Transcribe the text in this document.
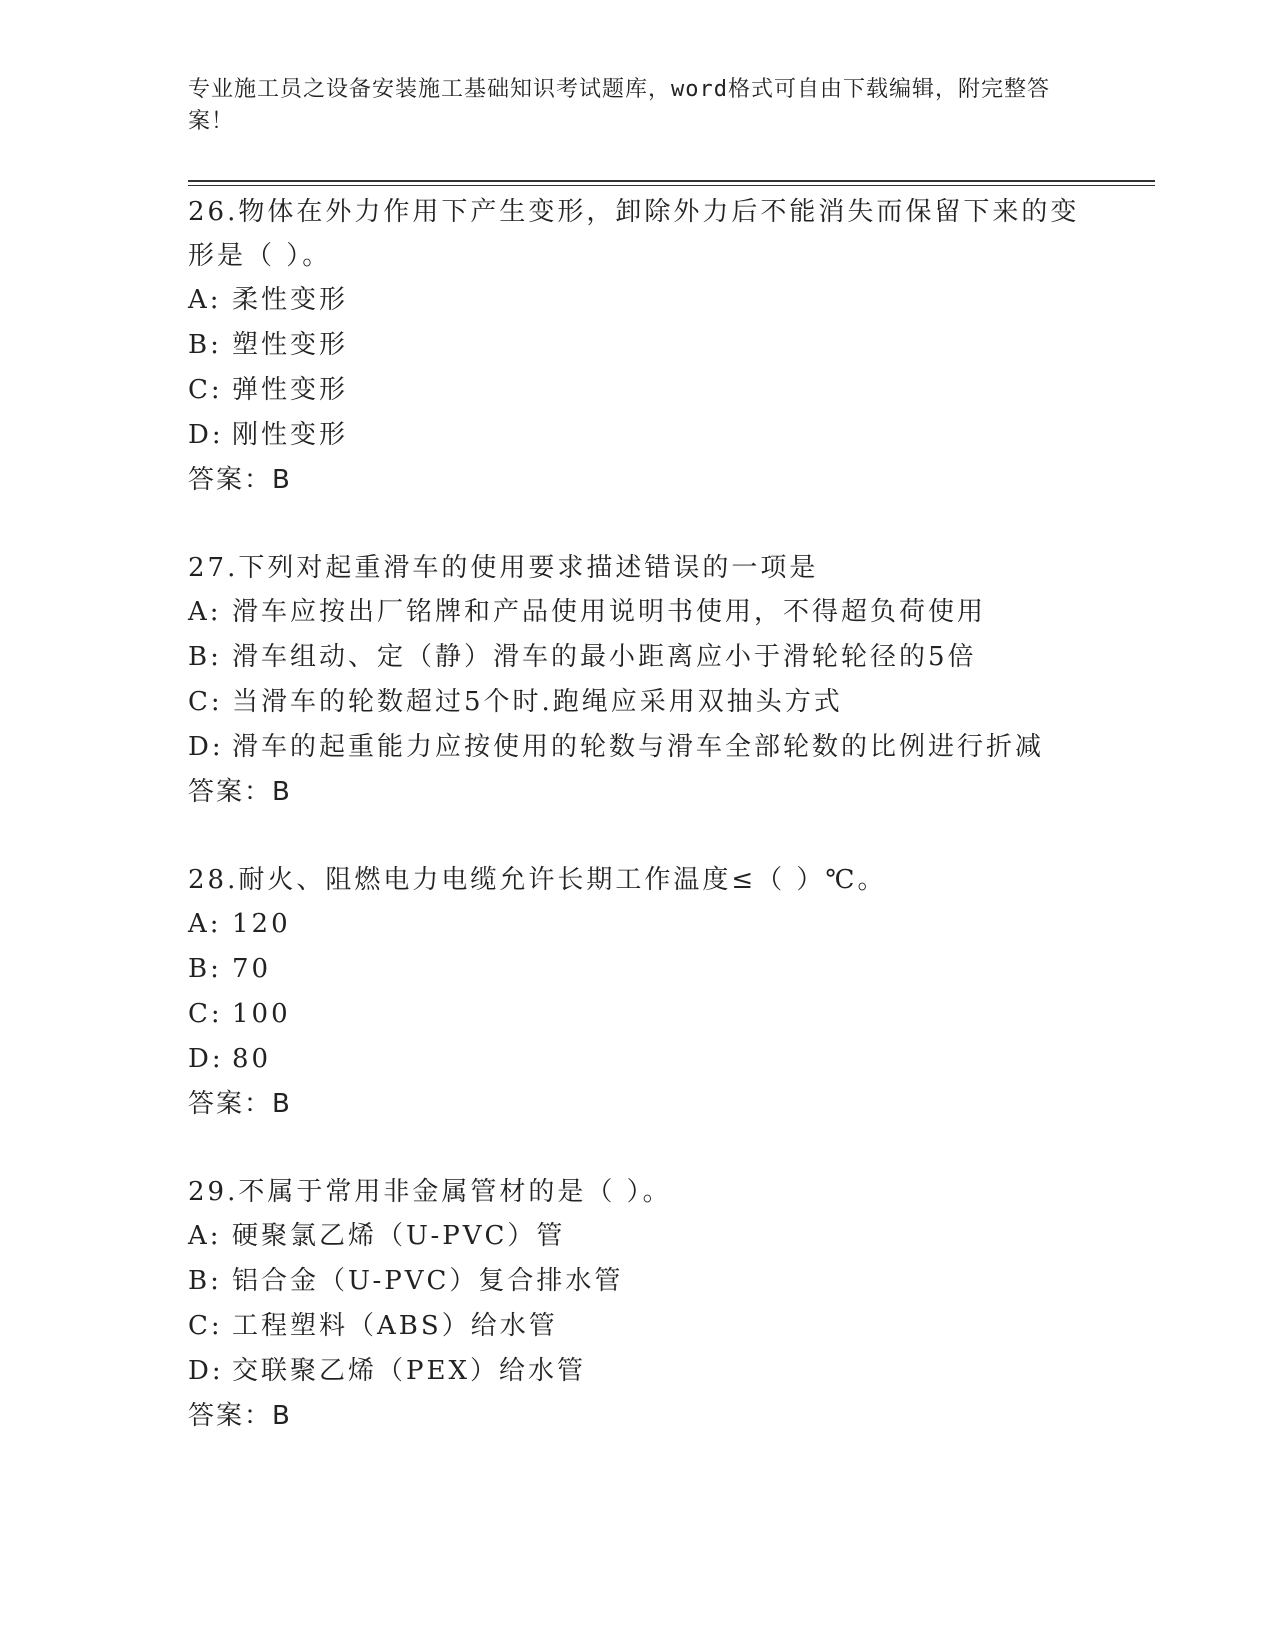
专业施工员之设备安装施工基础知识考试题库，word格式可自由下载编辑，附完整答案！

26.物体在外力作用下产生变形，卸除外力后不能消失而保留下来的变形是（ ）。

A: 柔性变形

B: 塑性变形

C: 弹性变形

D: 刚性变形

答案：B

27.下列对起重滑车的使用要求描述错误的一项是

A: 滑车应按出厂铭牌和产品使用说明书使用，不得超负荷使用

B: 滑车组动、定（静）滑车的最小距离应小于滑轮轮径的5倍

C: 当滑车的轮数超过5个时.跑绳应采用双抽头方式

D: 滑车的起重能力应按使用的轮数与滑车全部轮数的比例进行折减

答案：B

28.耐火、阻燃电力电缆允许长期工作温度≤（ ）℃。

A: 120

B: 70

C: 100

D: 80

答案：B

29.不属于常用非金属管材的是（ ）。

A: 硬聚氯乙烯（U-PVC）管

B: 铝合金（U-PVC）复合排水管

C: 工程塑料（ABS）给水管

D: 交联聚乙烯（PEX）给水管

答案：B
